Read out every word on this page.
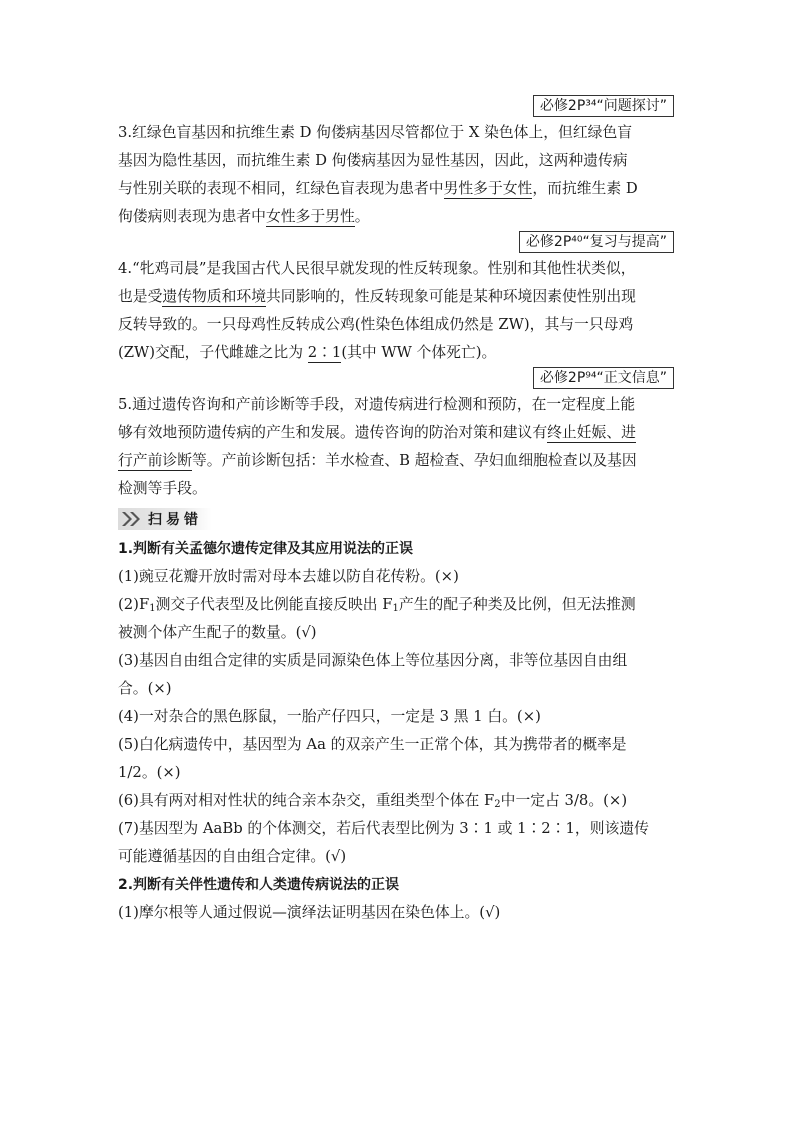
必修2P³⁴“问题探讨”
3.红绿色盲基因和抗维生素 D 佝偻病基因尽管都位于 X 染色体上，但红绿色盲
基因为隐性基因，而抗维生素 D 佝偻病基因为显性基因，因此，这两种遗传病
与性别关联的表现不相同，红绿色盲表现为患者中男性多于女性，而抗维生素 D
佝偻病则表现为患者中女性多于男性。
必修2P⁴⁰“复习与提高”
4.“牝鸡司晨”是我国古代人民很早就发现的性反转现象。性别和其他性状类似，
也是受遗传物质和环境共同影响的，性反转现象可能是某种环境因素使性别出现
反转导致的。一只母鸡性反转成公鸡(性染色体组成仍然是 ZW)，其与一只母鸡
(ZW)交配，子代雌雄之比为 2∶1(其中 WW 个体死亡)。
必修2P⁹⁴“正文信息”
5.通过遗传咨询和产前诊断等手段，对遗传病进行检测和预防，在一定程度上能
够有效地预防遗传病的产生和发展。遗传咨询的防治对策和建议有终止妊娠、进
行产前诊断等。产前诊断包括：羊水检查、B 超检查、孕妇血细胞检查以及基因
检测等手段。
扫易错
1.判断有关孟德尔遗传定律及其应用说法的正误
(1)豌豆花瓣开放时需对母本去雄以防自花传粉。(×)
$(2)F_1$测交子代表型及比例能直接反映出 $F_1$产生的配子种类及比例，但无法推测
被测个体产生配子的数量。(√)
(3)基因自由组合定律的实质是同源染色体上等位基因分离，非等位基因自由组
合。(×)
(4)一对杂合的黑色豚鼠，一胎产仔四只，一定是 3 黑 1 白。(×)
(5)白化病遗传中，基因型为 Aa 的双亲产生一正常个体，其为携带者的概率是
1/2。(×)
(6)具有两对相对性状的纯合亲本杂交，重组类型个体在 $F_2$中一定占 3/8。(×)
(7)基因型为 AaBb 的个体测交，若后代表型比例为 3∶1 或 1∶2∶1，则该遗传
可能遵循基因的自由组合定律。(√)
2.判断有关伴性遗传和人类遗传病说法的正误
(1)摩尔根等人通过假说—演绎法证明基因在染色体上。(√)
